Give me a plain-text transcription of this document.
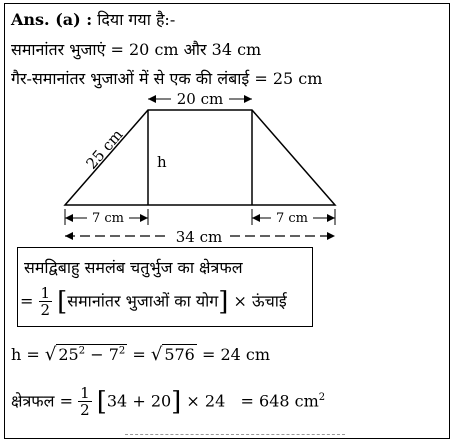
Ans. (a) : दिया गया है:-
समानांतर भुजाएं = 20 cm और 34 cm
गैर-समानांतर भुजाओं में से एक की लंबाई = 25 cm
20 cm
25 cm h
7 cm	7 cm
34 cm
समद्विबाहु समलंब चतुर्भुज का क्षेत्रफल
= $\frac{1}{2}$ [समानांतर भुजाओं का योग] × ऊंचाई
h = √ $25^2 - 7^2$ = √ 576 = 24 cm
क्षेत्रफल = $\frac{1}{2} [34 + 20] \times 24 = 648$ $cm^2$
